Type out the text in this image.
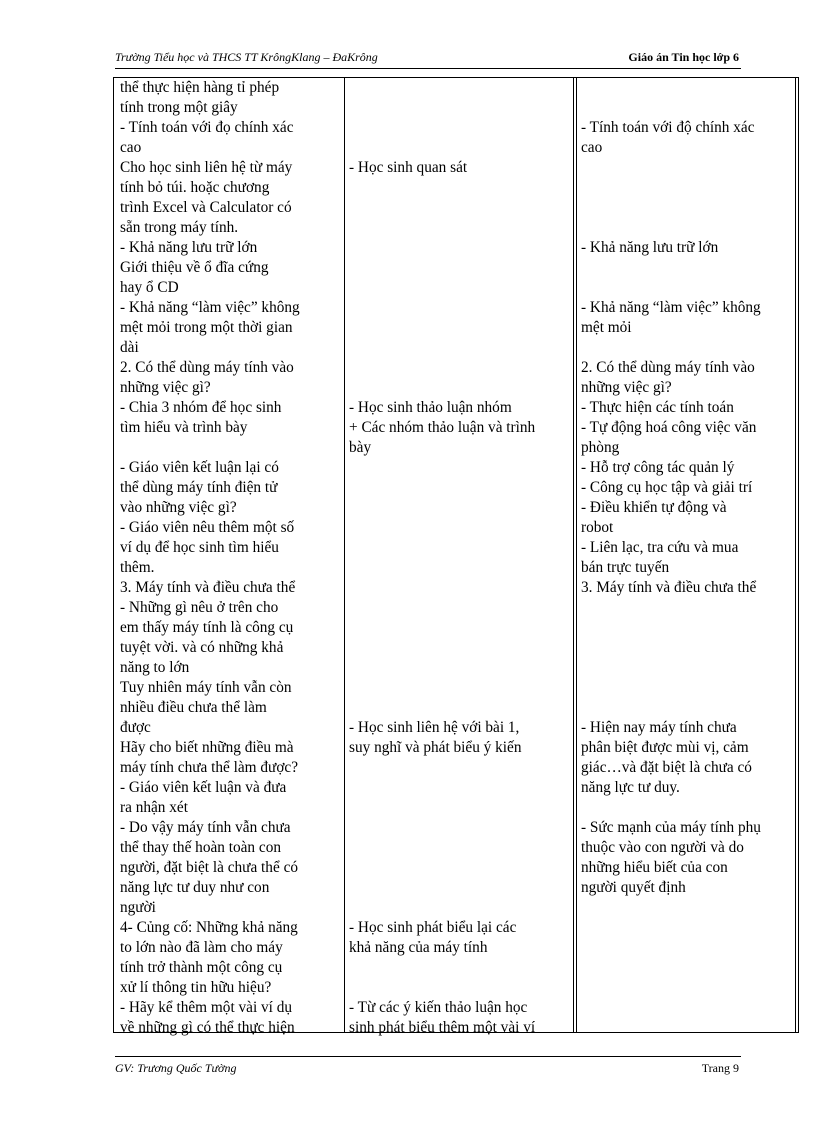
Trường Tiểu học và THCS TT KrôngKlang – ĐaKrông	Giáo án Tin học lớp 6
thể thực hiện hàng tỉ phép
tính trong một giây
- Tính toán với đọ chính xác
cao
Cho học sinh liên hệ từ máy
tính bỏ túi. hoặc chương
trình Excel và Calculator có
sẵn trong máy tính.
- Khả năng lưu trữ lớn
Giới thiệu về ổ đĩa cứng
hay ổ CD
- Khả năng “làm việc” không
mệt mỏi trong một thời gian
dài
2. Có thể dùng máy tính vào
những việc gì?
- Chia 3 nhóm để học sinh
tìm hiểu và trình bày
- Giáo viên kết luận lại có
thể dùng máy tính điện tử
vào những việc gì?
- Giáo viên nêu thêm một số
ví dụ để học sinh tìm hiểu
thêm.
3. Máy tính và điều chưa thể
- Những gì nêu ở trên cho
em thấy máy tính là công cụ
tuyệt vời. và có những khả
năng to lớn
Tuy nhiên máy tính vẫn còn
nhiều điều chưa thể làm
được
Hãy cho biết những điều mà
máy tính chưa thể làm được?
- Giáo viên kết luận và đưa
ra nhận xét
- Do vậy máy tính vẫn chưa
thể thay thế hoàn toàn con
người, đặt biệt là chưa thể có
năng lực tư duy như con
người
4- Củng cố: Những khả năng
to lớn nào đã làm cho máy
tính trở thành một công cụ
xử lí thông tin hữu hiệu?
- Hãy kể thêm một vài ví dụ
về những gì có thể thực hiện
- Học sinh quan sát
- Học sinh thảo luận nhóm
+ Các nhóm thảo luận và trình
bày
- Học sinh liên hệ với bài 1,
suy nghĩ và phát biểu ý kiến
- Học sinh phát biểu lại các
khả năng của máy tính
- Từ các ý kiến thảo luận học
sinh phát biểu thêm một vài ví
- Tính toán với độ chính xác
cao
- Khả năng lưu trữ lớn
- Khả năng “làm việc” không
mệt mỏi
2. Có thể dùng máy tính vào
những việc gì?
- Thực hiện các tính toán
- Tự động hoá công việc văn
phòng
- Hỗ trợ công tác quản lý
- Công cụ học tập và giải trí
- Điều khiển tự động và
robot
- Liên lạc, tra cứu và mua
bán trực tuyến
3. Máy tính và điều chưa thể
- Hiện nay máy tính chưa
phân biệt được mùi vị, cảm
giác…và đặt biệt là chưa có
năng lực tư duy.
- Sức mạnh của máy tính phụ
thuộc vào con người và do
những hiểu biết của con
người quyết định
GV: Trương Quốc Tường	Trang 9
